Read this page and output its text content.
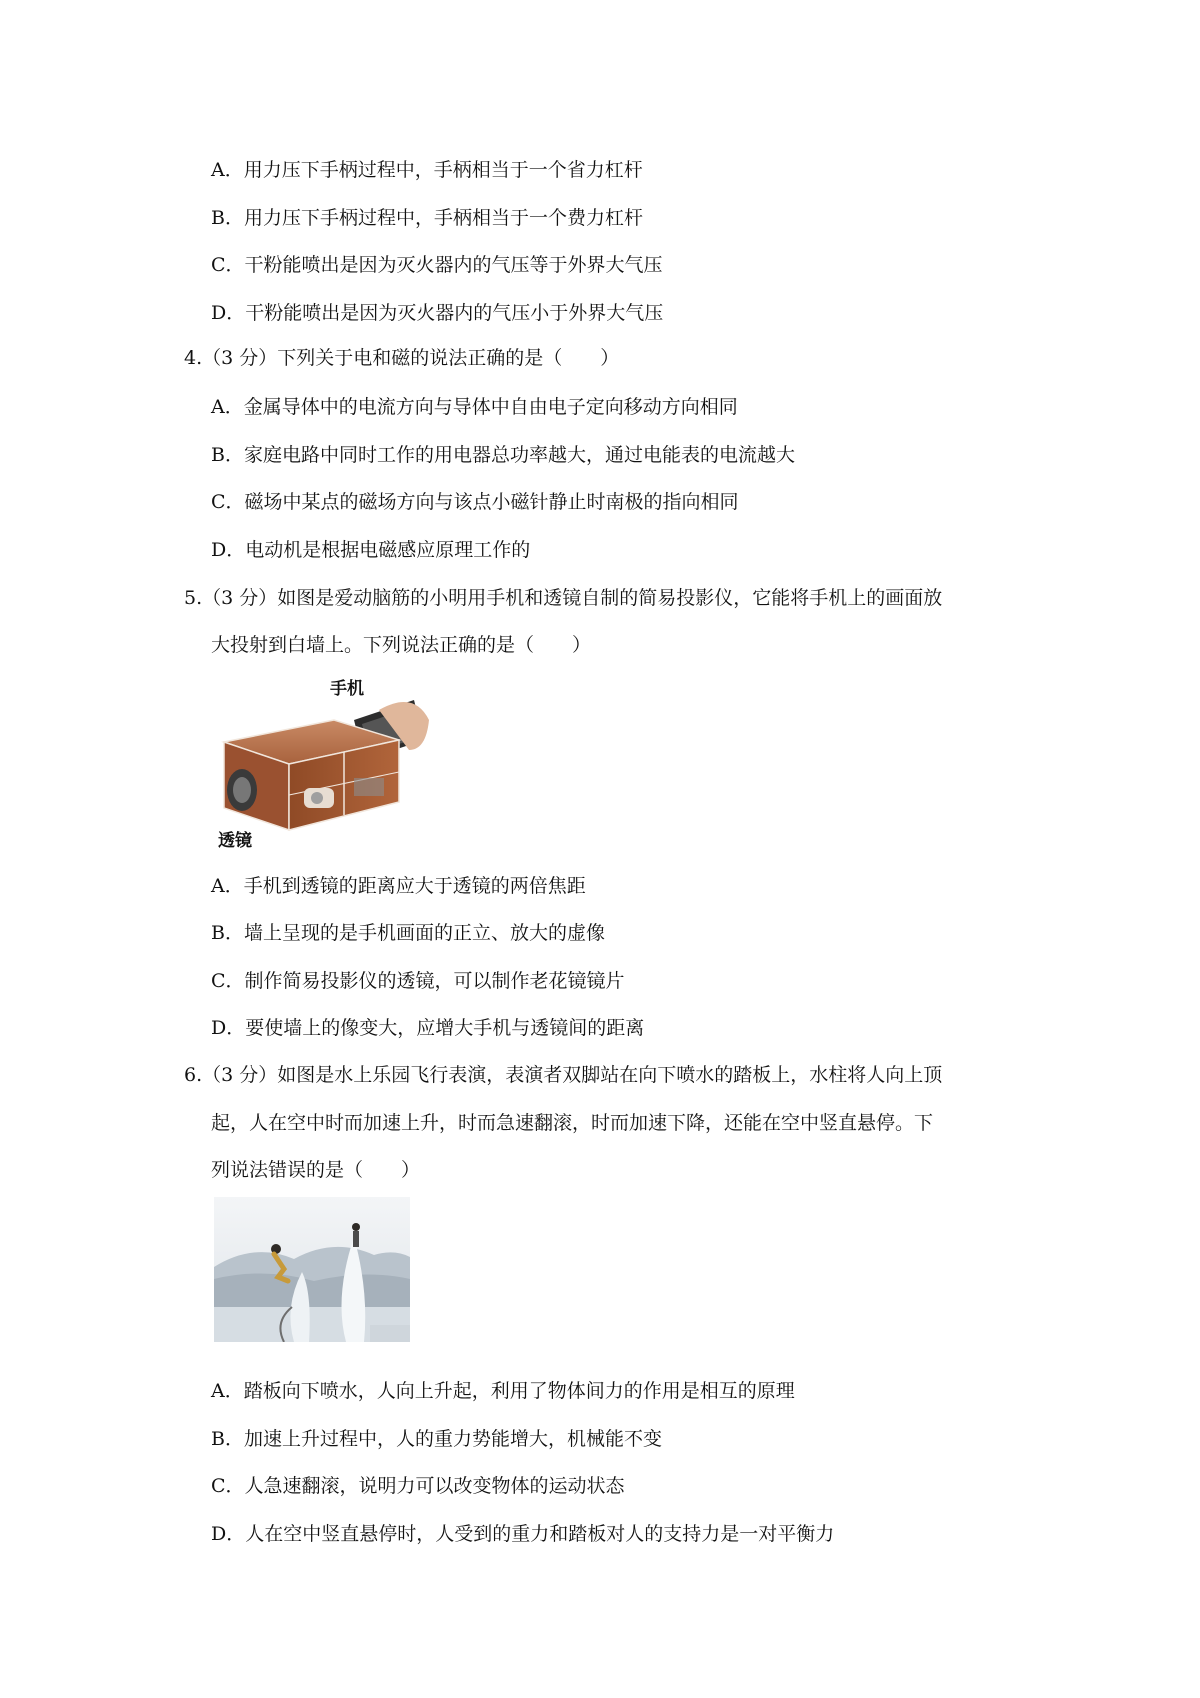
A．用力压下手柄过程中，手柄相当于一个省力杠杆
B．用力压下手柄过程中，手柄相当于一个费力杠杆
C．干粉能喷出是因为灭火器内的气压等于外界大气压
D．干粉能喷出是因为灭火器内的气压小于外界大气压
4.（3 分）下列关于电和磁的说法正确的是（　　）
A．金属导体中的电流方向与导体中自由电子定向移动方向相同
B．家庭电路中同时工作的用电器总功率越大，通过电能表的电流越大
C．磁场中某点的磁场方向与该点小磁针静止时南极的指向相同
D．电动机是根据电磁感应原理工作的
5.（3 分）如图是爱动脑筋的小明用手机和透镜自制的简易投影仪，它能将手机上的画面放
大投射到白墙上。下列说法正确的是（　　）
手机
透镜
A．手机到透镜的距离应大于透镜的两倍焦距
B．墙上呈现的是手机画面的正立、放大的虚像
C．制作简易投影仪的透镜，可以制作老花镜镜片
D．要使墙上的像变大，应增大手机与透镜间的距离
6.（3 分）如图是水上乐园飞行表演，表演者双脚站在向下喷水的踏板上，水柱将人向上顶
起，人在空中时而加速上升，时而急速翻滚，时而加速下降，还能在空中竖直悬停。下
列说法错误的是（　　）
A．踏板向下喷水，人向上升起，利用了物体间力的作用是相互的原理
B．加速上升过程中，人的重力势能增大，机械能不变
C．人急速翻滚，说明力可以改变物体的运动状态
D．人在空中竖直悬停时，人受到的重力和踏板对人的支持力是一对平衡力
